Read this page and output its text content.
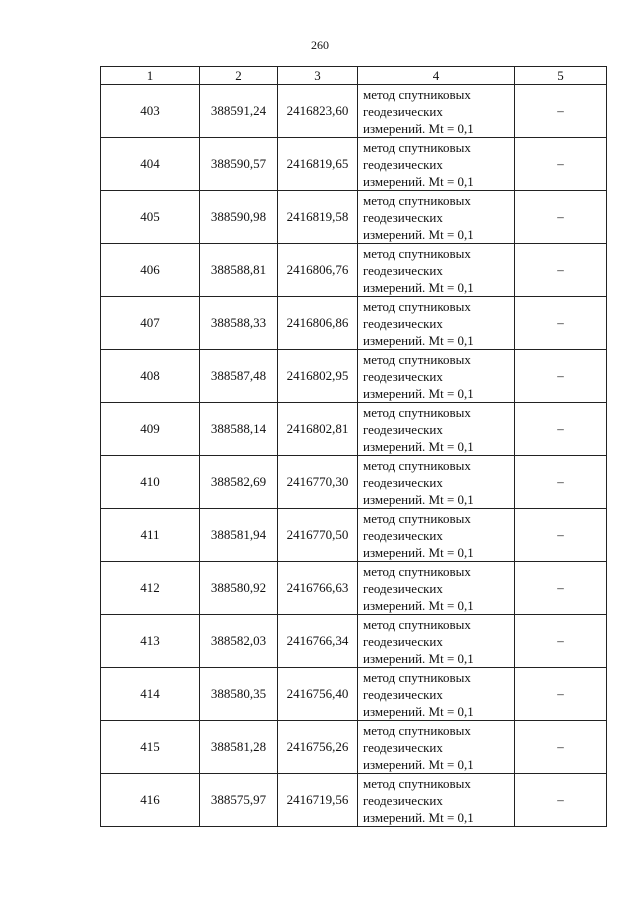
260
1	2	3	4	5
403	388591,24	2416823,60	метод спутниковых
геодезических
измерений. Mt = 0,1	–
404	388590,57	2416819,65	метод спутниковых
геодезических
измерений. Mt = 0,1	–
405	388590,98	2416819,58	метод спутниковых
геодезических
измерений. Mt = 0,1	–
406	388588,81	2416806,76	метод спутниковых
геодезических
измерений. Mt = 0,1	–
407	388588,33	2416806,86	метод спутниковых
геодезических
измерений. Mt = 0,1	–
408	388587,48	2416802,95	метод спутниковых
геодезических
измерений. Mt = 0,1	–
409	388588,14	2416802,81	метод спутниковых
геодезических
измерений. Mt = 0,1	–
410	388582,69	2416770,30	метод спутниковых
геодезических
измерений. Mt = 0,1	–
411	388581,94	2416770,50	метод спутниковых
геодезических
измерений. Mt = 0,1	–
412	388580,92	2416766,63	метод спутниковых
геодезических
измерений. Mt = 0,1	–
413	388582,03	2416766,34	метод спутниковых
геодезических
измерений. Mt = 0,1	–
414	388580,35	2416756,40	метод спутниковых
геодезических
измерений. Mt = 0,1	–
415	388581,28	2416756,26	метод спутниковых
геодезических
измерений. Mt = 0,1	–
416	388575,97	2416719,56	метод спутниковых
геодезических
измерений. Mt = 0,1	–
